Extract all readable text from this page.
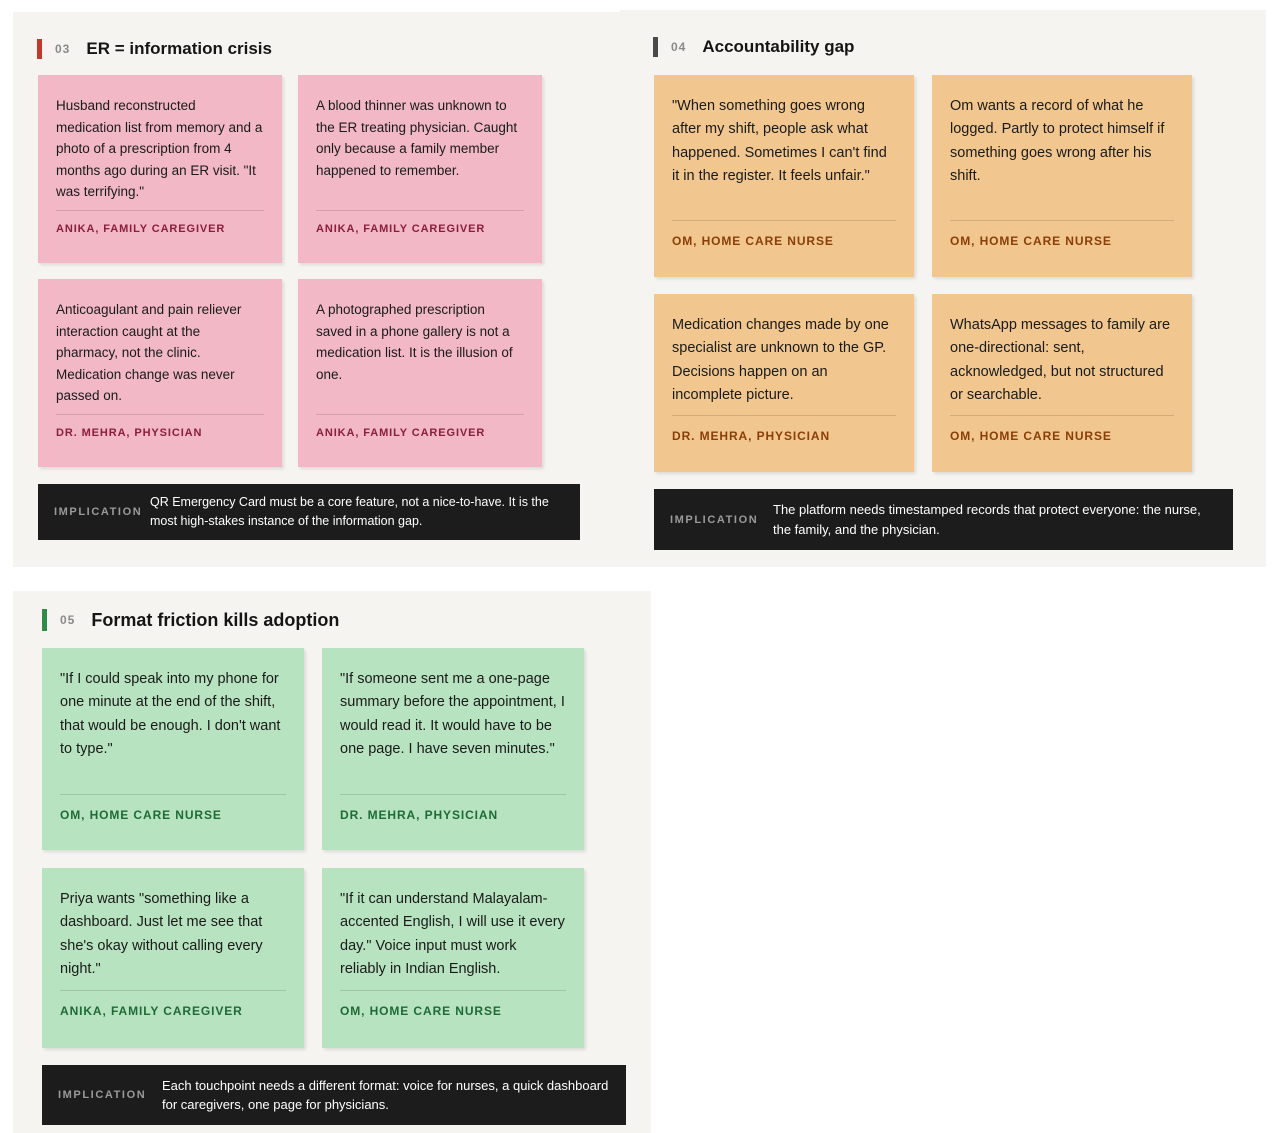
03 ER = information crisis
Husband reconstructed medication list from memory and a photo of a prescription from 4 months ago during an ER visit. "It was terrifying."
ANIKA, FAMILY CAREGIVER
A blood thinner was unknown to the ER treating physician. Caught only because a family member happened to remember.
ANIKA, FAMILY CAREGIVER
Anticoagulant and pain reliever interaction caught at the pharmacy, not the clinic. Medication change was never passed on.
DR. MEHRA, PHYSICIAN
A photographed prescription saved in a phone gallery is not a medication list. It is the illusion of one.
ANIKA, FAMILY CAREGIVER
IMPLICATION
QR Emergency Card must be a core feature, not a nice-to-have. It is the most high-stakes instance of the information gap.
04 Accountability gap
"When something goes wrong after my shift, people ask what happened. Sometimes I can't find it in the register. It feels unfair."
OM, HOME CARE NURSE
Om wants a record of what he logged. Partly to protect himself if something goes wrong after his shift.
OM, HOME CARE NURSE
Medication changes made by one specialist are unknown to the GP. Decisions happen on an incomplete picture.
DR. MEHRA, PHYSICIAN
WhatsApp messages to family are one-directional: sent, acknowledged, but not structured or searchable.
OM, HOME CARE NURSE
IMPLICATION
The platform needs timestamped records that protect everyone: the nurse, the family, and the physician.
05 Format friction kills adoption
"If I could speak into my phone for one minute at the end of the shift, that would be enough. I don't want to type."
OM, HOME CARE NURSE
"If someone sent me a one-page summary before the appointment, I would read it. It would have to be one page. I have seven minutes."
DR. MEHRA, PHYSICIAN
Priya wants "something like a dashboard. Just let me see that she's okay without calling every night."
ANIKA, FAMILY CAREGIVER
"If it can understand Malayalam-accented English, I will use it every day." Voice input must work reliably in Indian English.
OM, HOME CARE NURSE
IMPLICATION
Each touchpoint needs a different format: voice for nurses, a quick dashboard for caregivers, one page for physicians.
